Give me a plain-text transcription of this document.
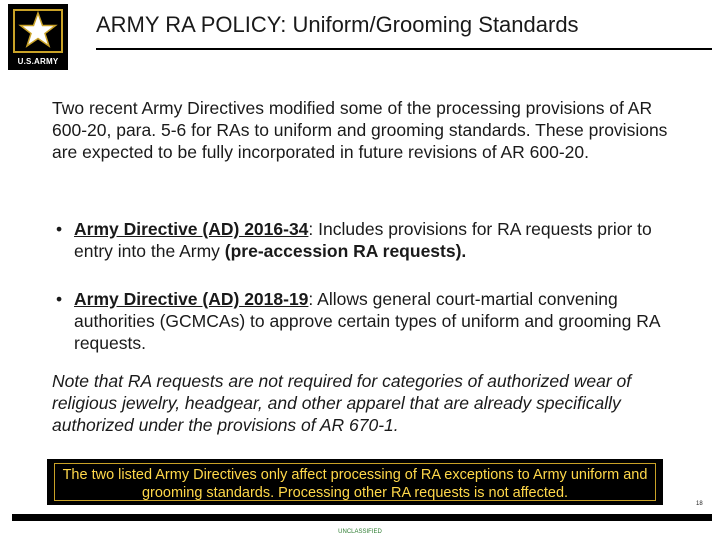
U.S.ARMY
ARMY RA POLICY: Uniform/Grooming Standards
Two recent Army Directives modified some of the processing provisions of AR 600-20, para. 5-6 for RAs to uniform and grooming standards. These provisions are expected to be fully incorporated in future revisions of AR 600-20.
• Army Directive (AD) 2016-34: Includes provisions for RA requests prior to entry into the Army (pre-accession RA requests).
• Army Directive (AD) 2018-19: Allows general court-martial convening authorities (GCMCAs) to approve certain types of uniform and grooming RA requests.
Note that RA requests are not required for categories of authorized wear of religious jewelry, headgear, and other apparel that are already specifically authorized under the provisions of AR 670-1.
The two listed Army Directives only affect processing of RA exceptions to Army uniform and grooming standards. Processing other RA requests is not affected.
18
UNCLASSIFIED
